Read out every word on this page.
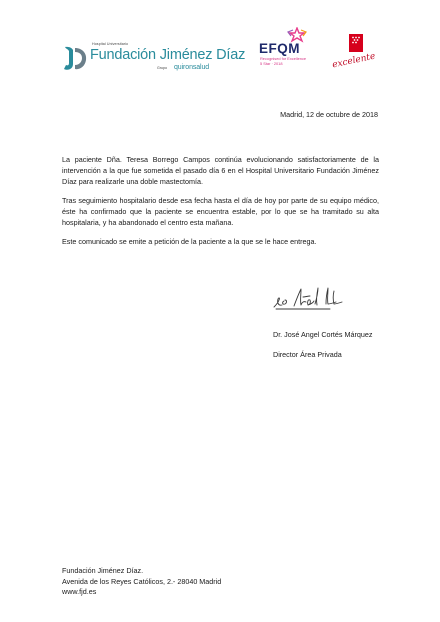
Hospital Universitario
Fundación Jiménez Díaz
Grupo quironsalud
EFQM
Recognised for Excellence
5 Star · 2018	excelente
Madrid, 12 de octubre de 2018

La paciente Dña. Teresa Borrego Campos continúa evolucionando satisfactoriamente de la intervención a la que fue sometida el pasado día 6 en el Hospital Universitario Fundación Jiménez Díaz para realizarle una doble mastectomía.

Tras seguimiento hospitalario desde esa fecha hasta el día de hoy por parte de su equipo médico, éste ha confirmado que la paciente se encuentra estable, por lo que se ha tramitado su alta hospitalaria, y ha abandonado el centro esta mañana.

Este comunicado se emite a petición de la paciente a la que se le hace entrega.

Dr. José Angel Cortés Márquez
Director Área Privada
Fundación Jiménez Díaz.
Avenida de los Reyes Católicos, 2.- 28040 Madrid
www.fjd.es
